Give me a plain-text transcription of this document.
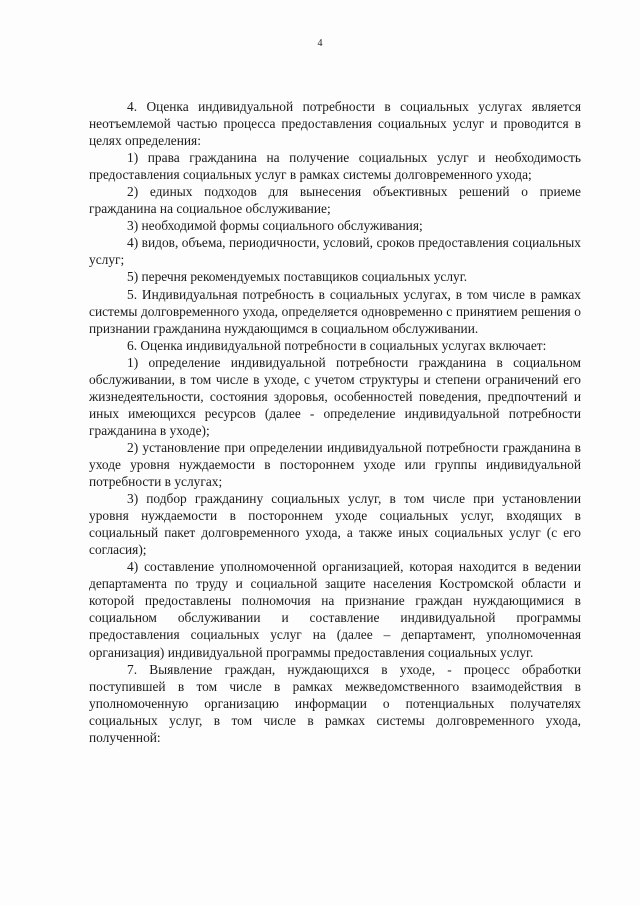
4

4. Оценка индивидуальной потребности в социальных услугах является неотъемлемой частью процесса предоставления социальных услуг и проводится в целях определения:

1) права гражданина на получение социальных услуг и необходимость предоставления социальных услуг в рамках системы долговременного ухода;

2) единых подходов для вынесения объективных решений о приеме гражданина на социальное обслуживание;

3) необходимой формы социального обслуживания;

4) видов, объема, периодичности, условий, сроков предоставления социальных услуг;

5) перечня рекомендуемых поставщиков социальных услуг.

5. Индивидуальная потребность в социальных услугах, в том числе в рамках системы долговременного ухода, определяется одновременно с принятием решения о признании гражданина нуждающимся в социальном обслуживании.

6. Оценка индивидуальной потребности в социальных услугах включает:

1) определение индивидуальной потребности гражданина в социальном обслуживании, в том числе в уходе, с учетом структуры и степени ограничений его жизнедеятельности, состояния здоровья, особенностей поведения, предпочтений и иных имеющихся ресурсов (далее - определение индивидуальной потребности гражданина в уходе);

2) установление при определении индивидуальной потребности гражданина в уходе уровня нуждаемости в постороннем уходе или группы индивидуальной потребности в услугах;

3) подбор гражданину социальных услуг, в том числе при установлении уровня нуждаемости в постороннем уходе социальных услуг, входящих в социальный пакет долговременного ухода, а также иных социальных услуг (с его согласия);

4) составление уполномоченной организацией, которая находится в ведении департамента по труду и социальной защите населения Костромской области и которой предоставлены полномочия на признание граждан нуждающимися в социальном обслуживании и составление индивидуальной программы предоставления социальных услуг на (далее – департамент, уполномоченная организация) индивидуальной программы предоставления социальных услуг.

7. Выявление граждан, нуждающихся в уходе, - процесс обработки поступившей в том числе в рамках межведомственного взаимодействия в уполномоченную организацию информации о потенциальных получателях социальных услуг, в том числе в рамках системы долговременного ухода, полученной:
